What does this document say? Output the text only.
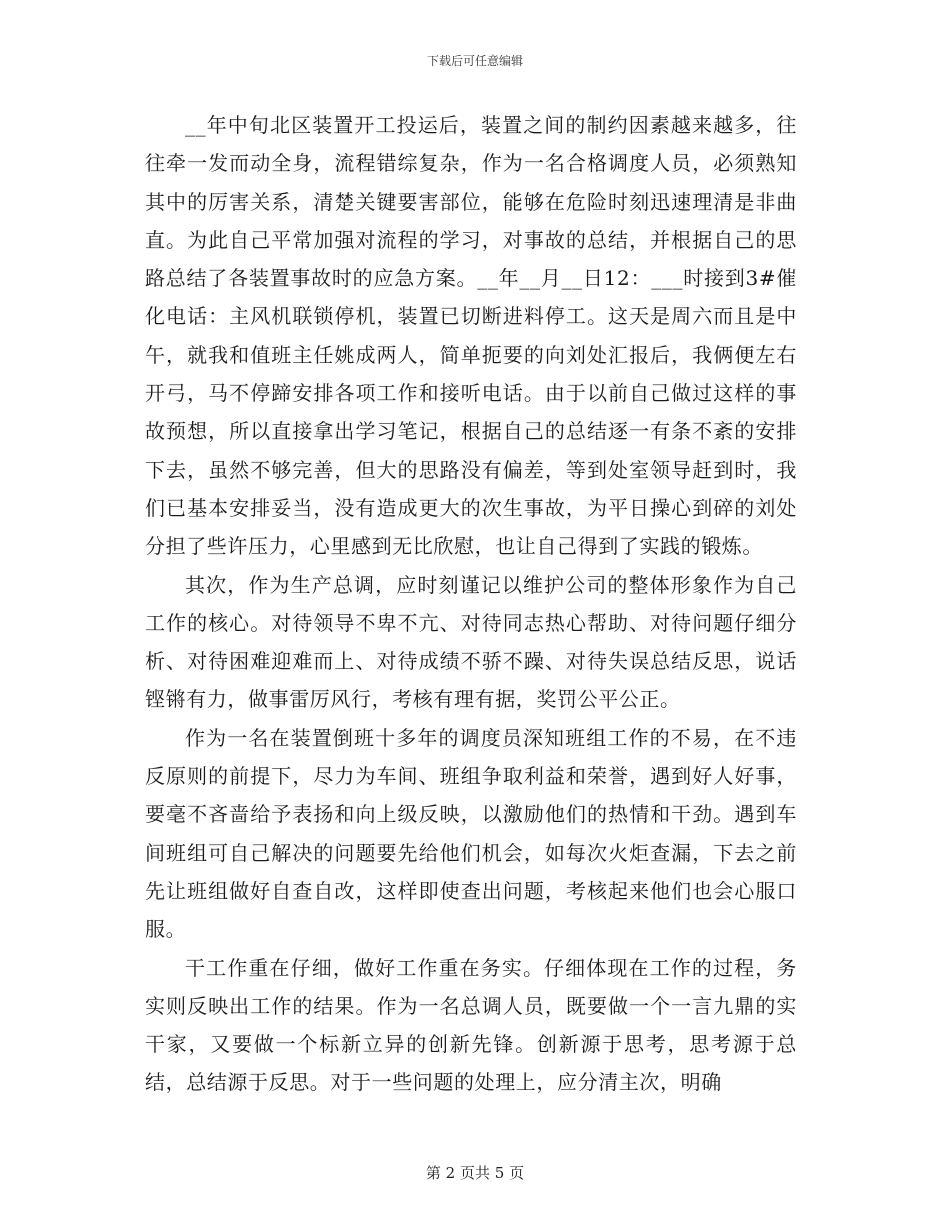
下载后可任意编辑

__年中旬北区装置开工投运后，装置之间的制约因素越来越多，往往牵一发而动全身，流程错综复杂，作为一名合格调度人员，必须熟知其中的厉害关系，清楚关键要害部位，能够在危险时刻迅速理清是非曲直。为此自己平常加强对流程的学习，对事故的总结，并根据自己的思路总结了各装置事故时的应急方案。__年__月__日12：___时接到3#催化电话：主风机联锁停机，装置已切断进料停工。这天是周六而且是中午，就我和值班主任姚成两人，简单扼要的向刘处汇报后，我俩便左右开弓，马不停蹄安排各项工作和接听电话。由于以前自己做过这样的事故预想，所以直接拿出学习笔记，根据自己的总结逐一有条不紊的安排下去，虽然不够完善，但大的思路没有偏差，等到处室领导赶到时，我们已基本安排妥当，没有造成更大的次生事故，为平日操心到碎的刘处分担了些许压力，心里感到无比欣慰，也让自己得到了实践的锻炼。

其次，作为生产总调，应时刻谨记以维护公司的整体形象作为自己工作的核心。对待领导不卑不亢、对待同志热心帮助、对待问题仔细分析、对待困难迎难而上、对待成绩不骄不躁、对待失误总结反思，说话铿锵有力，做事雷厉风行，考核有理有据，奖罚公平公正。

作为一名在装置倒班十多年的调度员深知班组工作的不易，在不违反原则的前提下，尽力为车间、班组争取利益和荣誉，遇到好人好事，要毫不吝啬给予表扬和向上级反映，以激励他们的热情和干劲。遇到车间班组可自己解决的问题要先给他们机会，如每次火炬查漏，下去之前先让班组做好自查自改，这样即使查出问题，考核起来他们也会心服口服。

干工作重在仔细，做好工作重在务实。仔细体现在工作的过程，务实则反映出工作的结果。作为一名总调人员，既要做一个一言九鼎的实干家，又要做一个标新立异的创新先锋。创新源于思考，思考源于总结，总结源于反思。对于一些问题的处理上，应分清主次，明确

第 2 页共 5 页
